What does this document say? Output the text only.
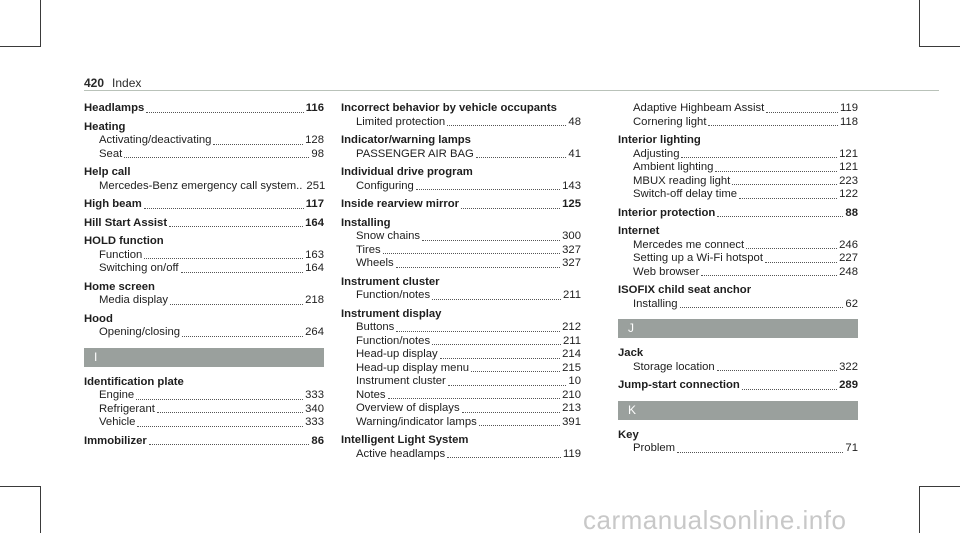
420 Index
Headlamps	116
Heating
Activating/deactivating	128
Seat	98
Help call
Mercedes-Benz emergency call system.. 251
High beam	117
Hill Start Assist	164
HOLD function
Function	163
Switching on/off	164
Home screen
Media display	218
Hood
Opening/closing	264
I
Identification plate
Engine	333
Refrigerant	340
Vehicle	333
Immobilizer	86
Incorrect behavior by vehicle occupants
Limited protection	48
Indicator/warning lamps
PASSENGER AIR BAG	41
Individual drive program
Configuring	143
Inside rearview mirror	125
Installing
Snow chains	300
Tires	327
Wheels	327
Instrument cluster
Function/notes	211
Instrument display
Buttons	212
Function/notes	211
Head-up display	214
Head-up display menu	215
Instrument cluster	10
Notes	210
Overview of displays	213
Warning/indicator lamps	391
Intelligent Light System
Active headlamps	119
Adaptive Highbeam Assist	119
Cornering light	118
Interior lighting
Adjusting	121
Ambient lighting	121
MBUX reading light	223
Switch-off delay time	122
Interior protection	88
Internet
Mercedes me connect	246
Setting up a Wi-Fi hotspot	227
Web browser	248
ISOFIX child seat anchor
Installing	62
J
Jack
Storage location	322
Jump-start connection	289
K
Key
Problem	71
carmanualsonline.info
